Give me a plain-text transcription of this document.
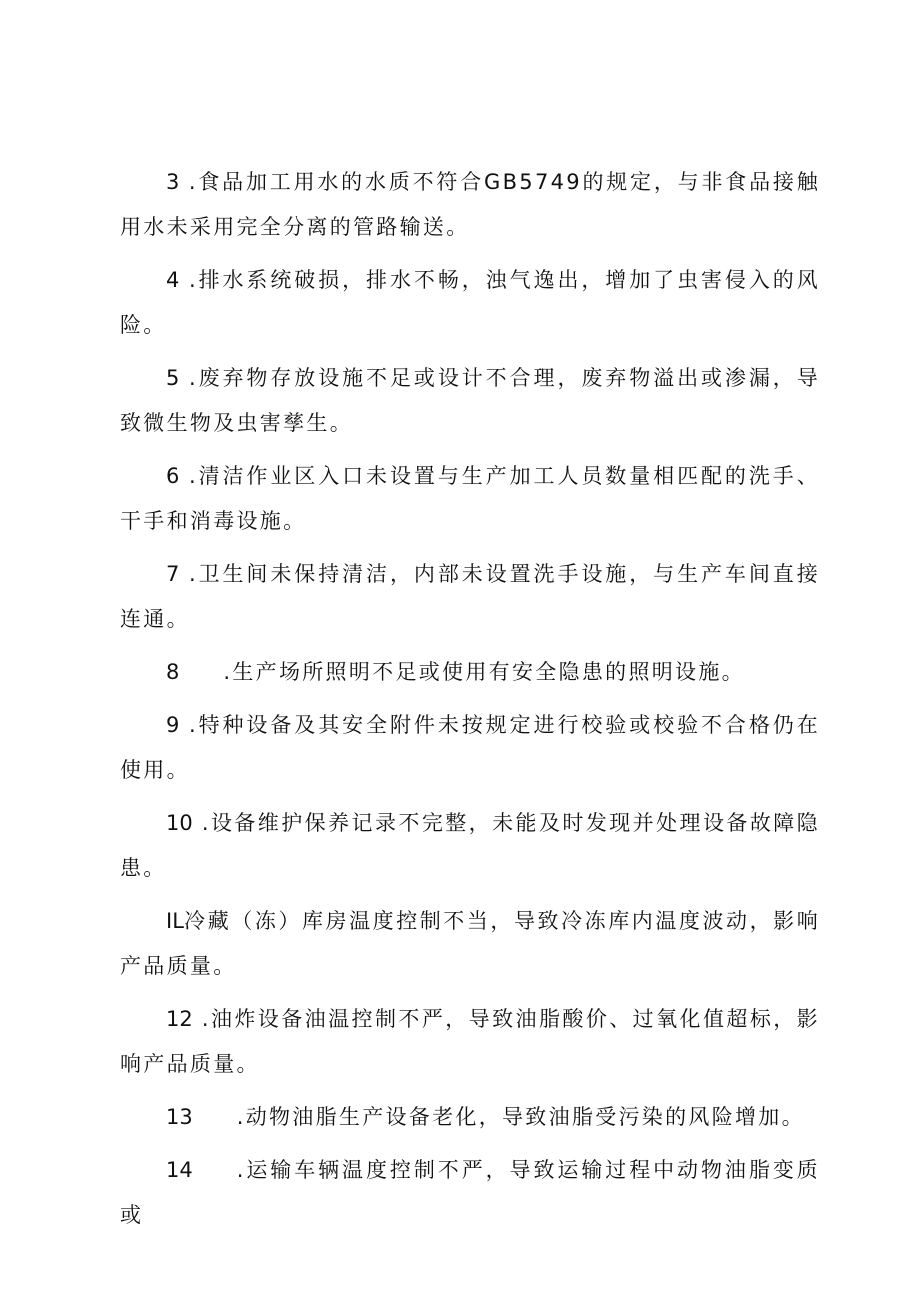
3 .食品加工用水的水质不符合GB5749的规定，与非食品接触用水未采用完全分离的管路输送。

4 .排水系统破损，排水不畅，浊气逸出，增加了虫害侵入的风险。

5 .废弃物存放设施不足或设计不合理，废弃物溢出或渗漏，导致微生物及虫害孳生。

6 .清洁作业区入口未设置与生产加工人员数量相匹配的洗手、干手和消毒设施。

7 .卫生间未保持清洁，内部未设置洗手设施，与生产车间直接连通。

8 .生产场所照明不足或使用有安全隐患的照明设施。

9 .特种设备及其安全附件未按规定进行校验或校验不合格仍在使用。

10 .设备维护保养记录不完整，未能及时发现并处理设备故障隐患。

IL冷藏（冻）库房温度控制不当，导致冷冻库内温度波动，影响产品质量。

12 .油炸设备油温控制不严，导致油脂酸价、过氧化值超标，影响产品质量。

13 .动物油脂生产设备老化，导致油脂受污染的风险增加。

14 .运输车辆温度控制不严，导致运输过程中动物油脂变质或
